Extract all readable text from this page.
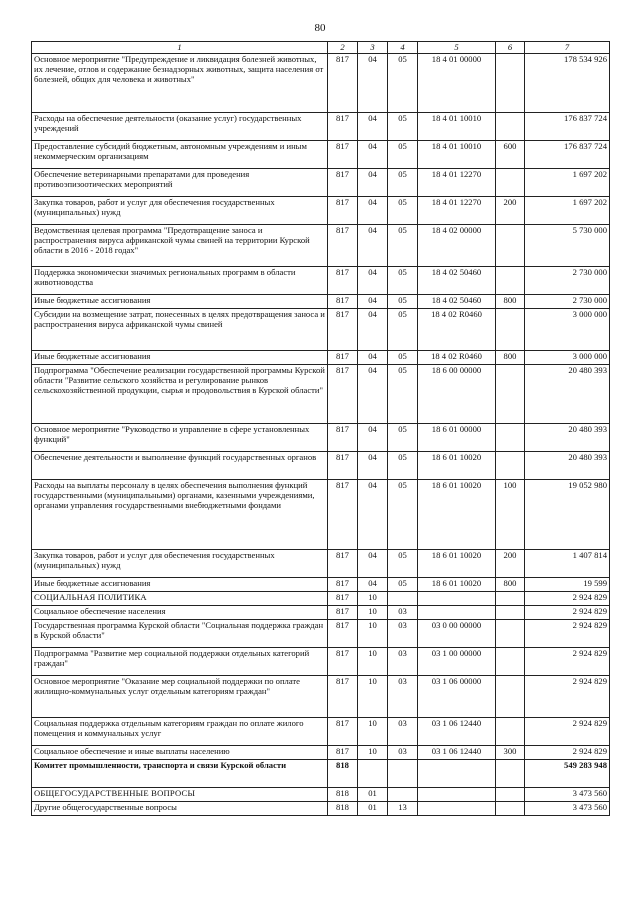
80
1	2	3	4	5	6	7
Основное мероприятие "Предупреждение и ликвидация болезней животных, их лечение, отлов и содержание безнадзорных животных, защита населения от болезней, общих для человека и животных"	817	04	05	18 4 01 00000		178 534 926
Расходы на обеспечение деятельности (оказание услуг) государственных учреждений	817	04	05	18 4 01 10010		176 837 724
Предоставление субсидий бюджетным, автономным учреждениям и иным некоммерческим организациям	817	04	05	18 4 01 10010	600	176 837 724
Обеспечение ветеринарными препаратами для проведения противоэпизоотических мероприятий	817	04	05	18 4 01 12270		1 697 202
Закупка товаров, работ и услуг для обеспечения государственных (муниципальных) нужд	817	04	05	18 4 01 12270	200	1 697 202
Ведомственная целевая программа "Предотвращение заноса и распространения вируса африканской чумы свиней на территории Курской области в 2016 - 2018 годах"	817	04	05	18 4 02 00000		5 730 000
Поддержка экономически значимых региональных программ в области животноводства	817	04	05	18 4 02 50460		2 730 000
Иные бюджетные ассигнования	817	04	05	18 4 02 50460	800	2 730 000
Субсидии на возмещение затрат, понесенных в целях предотвращения заноса и распространения вируса африканской чумы свиней	817	04	05	18 4 02 R0460		3 000 000
Иные бюджетные ассигнования	817	04	05	18 4 02 R0460	800	3 000 000
Подпрограмма "Обеспечение реализации государственной программы Курской области "Развитие сельского хозяйства и регулирование рынков сельскохозяйственной продукции, сырья и продовольствия в Курской области"	817	04	05	18 6 00 00000		20 480 393
Основное мероприятие "Руководство и управление в сфере установленных функций"	817	04	05	18 6 01 00000		20 480 393
Обеспечение деятельности и выполнение функций государственных органов	817	04	05	18 6 01 10020		20 480 393
Расходы на выплаты персоналу в целях обеспечения выполнения функций государственными (муниципальными) органами, казенными учреждениями, органами управления государственными внебюджетными фондами	817	04	05	18 6 01 10020	100	19 052 980
Закупка товаров, работ и услуг для обеспечения государственных (муниципальных) нужд	817	04	05	18 6 01 10020	200	1 407 814
Иные бюджетные ассигнования	817	04	05	18 6 01 10020	800	19 599
СОЦИАЛЬНАЯ ПОЛИТИКА	817	10				2 924 829
Социальное обеспечение населения	817	10	03			2 924 829
Государственная программа Курской области "Социальная поддержка граждан в Курской области"	817	10	03	03 0 00 00000		2 924 829
Подпрограмма "Развитие мер социальной поддержки отдельных категорий граждан"	817	10	03	03 1 00 00000		2 924 829
Основное мероприятие "Оказание мер социальной поддержки по оплате жилищно-коммунальных услуг отдельным категориям граждан"	817	10	03	03 1 06 00000		2 924 829
Социальная поддержка отдельным категориям граждан по оплате жилого помещения и коммунальных услуг	817	10	03	03 1 06 12440		2 924 829
Социальное обеспечение и иные выплаты населению	817	10	03	03 1 06 12440	300	2 924 829
Комитет промышленности, транспорта и связи Курской области	818					549 283 948
ОБЩЕГОСУДАРСТВЕННЫЕ ВОПРОСЫ	818	01				3 473 560
Другие общегосударственные вопросы	818	01	13			3 473 560
